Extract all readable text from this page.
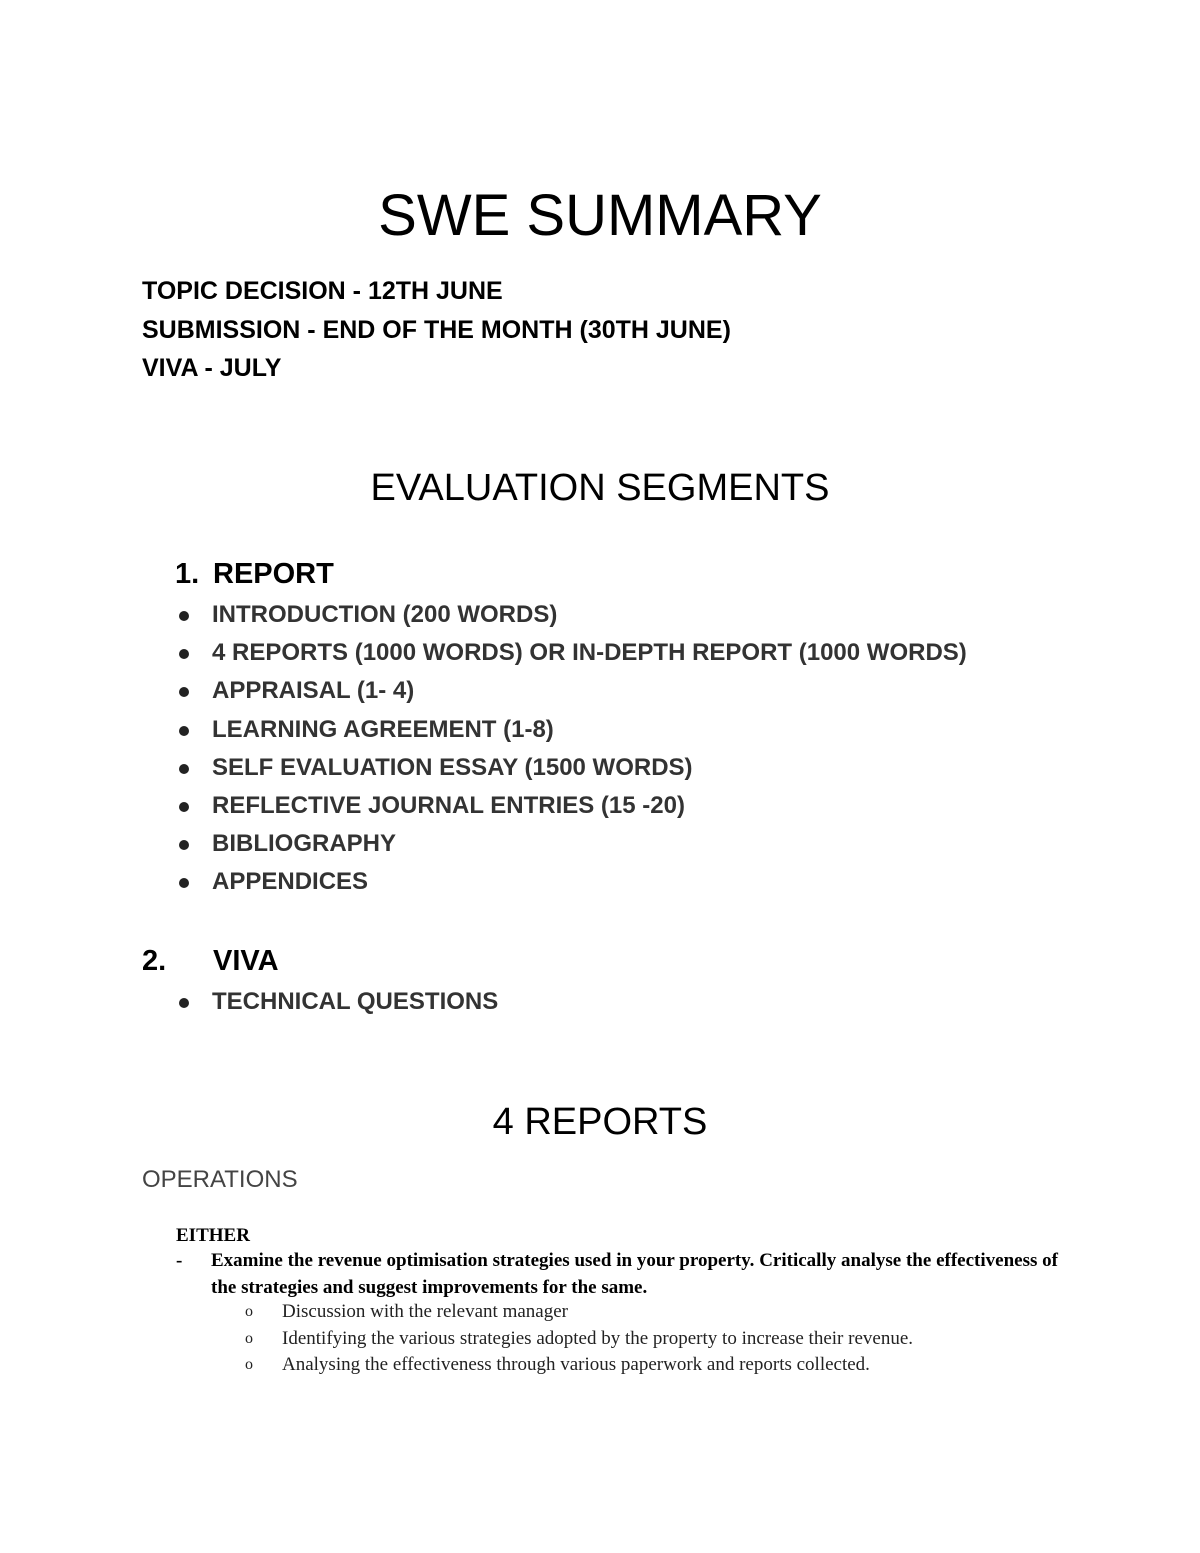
SWE SUMMARY
TOPIC DECISION - 12TH JUNE
SUBMISSION - END OF THE MONTH (30TH JUNE)
VIVA - JULY
EVALUATION SEGMENTS
1. REPORT
INTRODUCTION (200 WORDS)
4 REPORTS (1000 WORDS) OR IN-DEPTH REPORT (1000 WORDS)
APPRAISAL (1- 4)
LEARNING AGREEMENT (1-8)
SELF EVALUATION ESSAY (1500 WORDS)
REFLECTIVE JOURNAL ENTRIES (15 -20)
BIBLIOGRAPHY
APPENDICES
2. VIVA
TECHNICAL QUESTIONS
4 REPORTS
OPERATIONS
EITHER
- Examine the revenue optimisation strategies used in your property. Critically analyse the effectiveness of the strategies and suggest improvements for the same.
o Discussion with the relevant manager
o Identifying the various strategies adopted by the property to increase their revenue.
o Analysing the effectiveness through various paperwork and reports collected.
